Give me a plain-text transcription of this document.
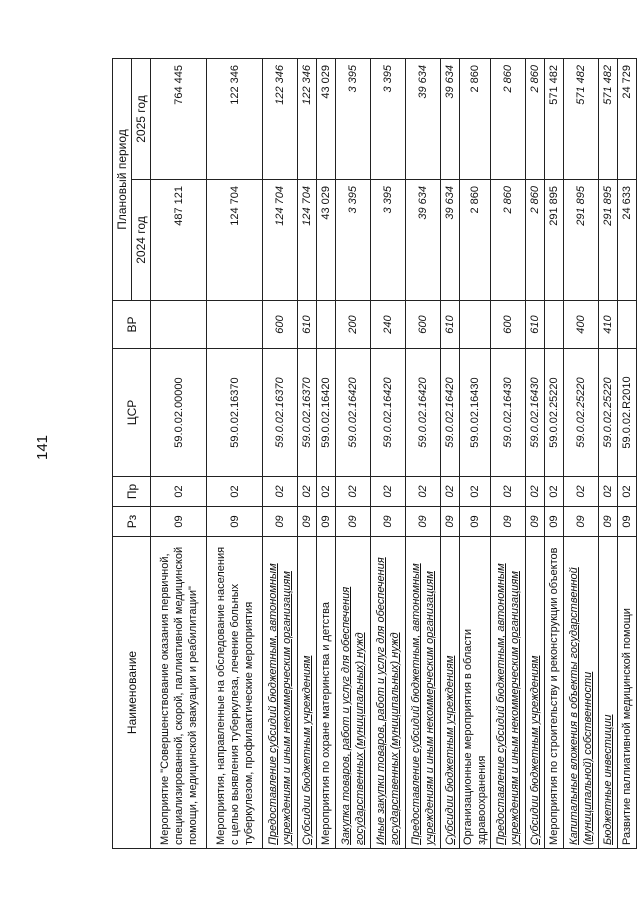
141
Наименование	Рз	Пр	ЦСР	ВР	Плановый период	
					2024 год	2025 год
Мероприятие "Совершенствование оказания первичной, специализированной, скорой, паллиативной медицинской помощи, медицинской эвакуации и реабилитации"	09	02	59.0.02.00000		487 121	764 445
Мероприятия, направленные на обследование населения с целью выявления туберкулеза, лечение больных туберкулезом, профилактические мероприятия	09	02	59.0.02.16370		124 704	122 346
Предоставление субсидий бюджетным, автономным учреждениям и иным некоммерческим организациям	09	02	59.0.02.16370	600	124 704	122 346
Субсидии бюджетным учреждениям	09	02	59.0.02.16370	610	124 704	122 346
Мероприятия по охране материнства и детства	09	02	59.0.02.16420		43 029	43 029
Закупка товаров, работ и услуг для обеспечения государственных (муниципальных) нужд	09	02	59.0.02.16420	200	3 395	3 395
Иные закупки товаров, работ и услуг для обеспечения государственных (муниципальных) нужд	09	02	59.0.02.16420	240	3 395	3 395
Предоставление субсидий бюджетным, автономным учреждениям и иным некоммерческим организациям	09	02	59.0.02.16420	600	39 634	39 634
Субсидии бюджетным учреждениям	09	02	59.0.02.16420	610	39 634	39 634
Организационные мероприятия в области здравоохранения	09	02	59.0.02.16430		2 860	2 860
Предоставление субсидий бюджетным, автономным учреждениям и иным некоммерческим организациям	09	02	59.0.02.16430	600	2 860	2 860
Субсидии бюджетным учреждениям	09	02	59.0.02.16430	610	2 860	2 860
Мероприятия по строительству и реконструкции объектов	09	02	59.0.02.25220		291 895	571 482
Капитальные вложения в объекты государственной (муниципальной) собственности	09	02	59.0.02.25220	400	291 895	571 482
Бюджетные инвестиции	09	02	59.0.02.25220	410	291 895	571 482
Развитие паллиативной медицинской помощи	09	02	59.0.02.R2010		24 633	24 729
